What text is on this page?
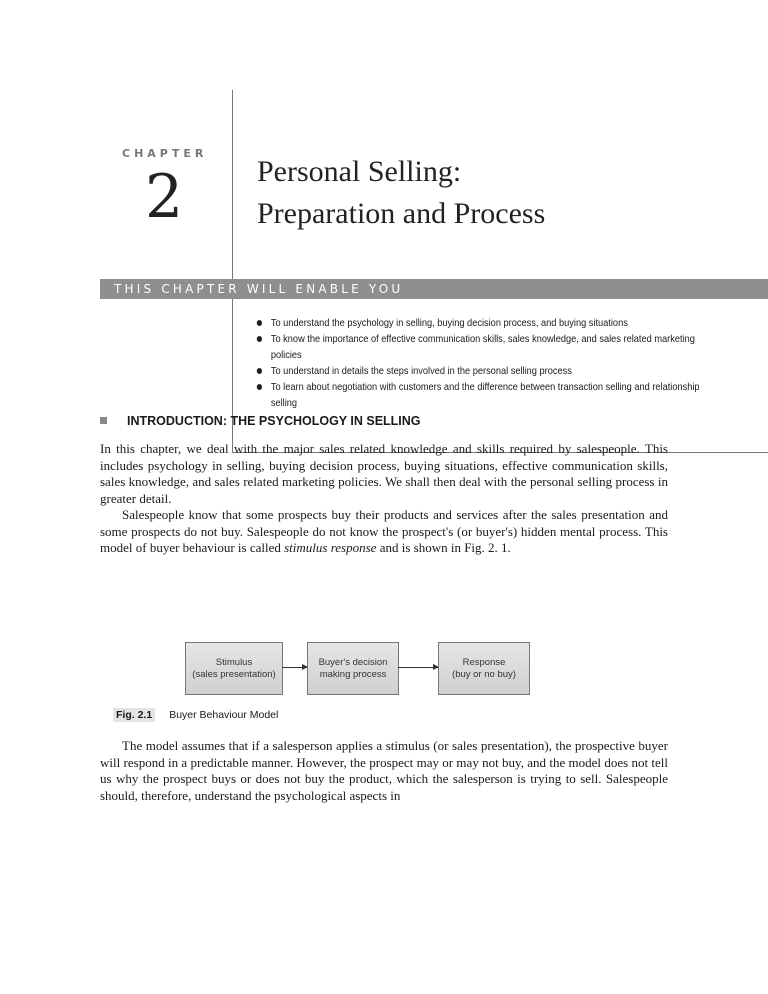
CHAPTER
2 Personal Selling:
Preparation and Process
THIS CHAPTER WILL ENABLE YOU
To understand the psychology in selling, buying decision process, and buying situations
To know the importance of effective communication skills, sales knowledge, and sales related marketing policies
To understand in details the steps involved in the personal selling process
To learn about negotiation with customers and the difference between transaction selling and relationship selling
INTRODUCTION: THE PSYCHOLOGY IN SELLING

In this chapter, we deal with the major sales related knowledge and skills required by salespeople. This includes psychology in selling, buying decision process, buying situations, effective communication skills, sales knowledge, and sales related marketing policies. We shall then deal with the personal selling process in greater detail.

Salespeople know that some prospects buy their products and services after the sales presentation and some prospects do not buy. Salespeople do not know the prospect's (or buyer's) hidden mental process. This model of buyer behaviour is called stimulus response and is shown in Fig. 2. 1.

Stimulus
(sales presentation)
Buyer's decision
making process
Response
(buy or no buy)
Fig. 2.1 Buyer Behaviour Model

The model assumes that if a salesperson applies a stimulus (or sales presentation), the prospective buyer will respond in a predictable manner. However, the prospect may or may not buy, and the model does not tell us why the prospect buys or does not buy the product, which the salesperson is trying to sell. Salespeople should, therefore, understand the psychological aspects in
